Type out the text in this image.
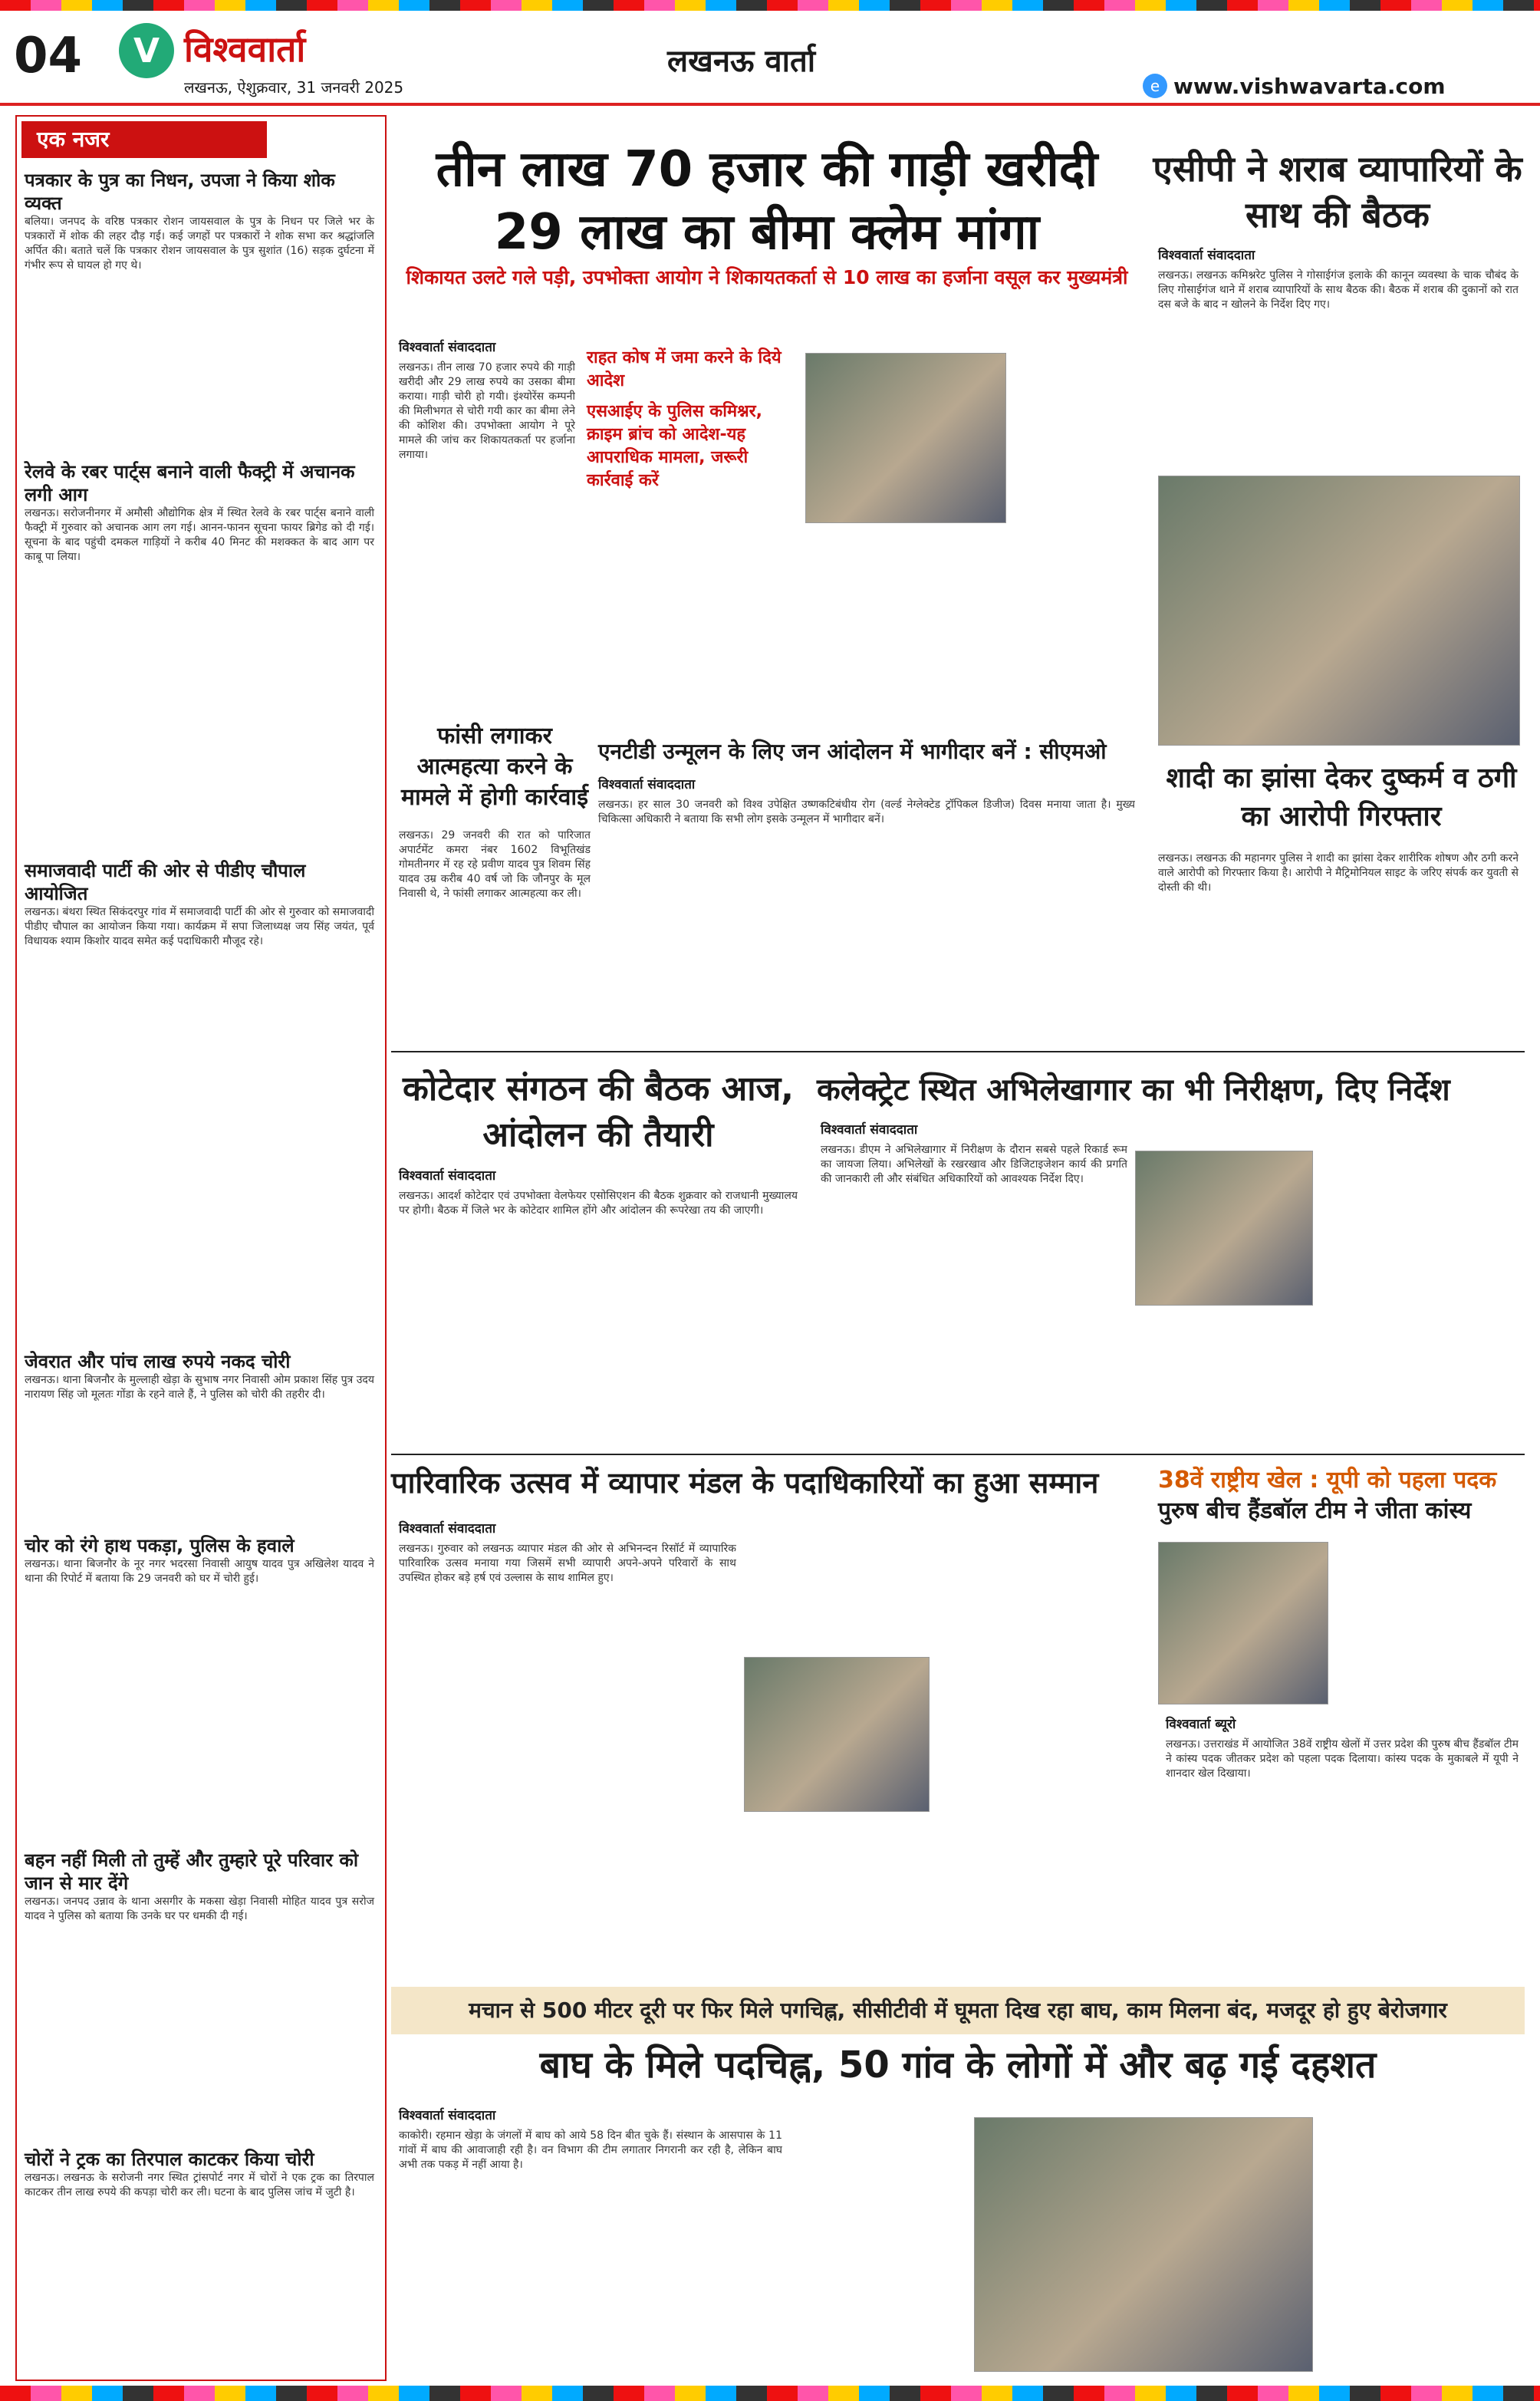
04	V विश्ववार्ता
लखनऊ, ऐशुक्रवार, 31 जनवरी 2025
लखनऊ वार्ता
e www.vishwavarta.com
एक नजर
पत्रकार के पुत्र का निधन, उपजा ने किया शोक व्यक्त
बलिया। जनपद के वरिष्ठ पत्रकार रोशन जायसवाल के पुत्र के निधन पर जिले भर के पत्रकारों में शोक की लहर दौड़ गई। कई जगहों पर पत्रकारों ने शोक सभा कर श्रद्धांजलि अर्पित की। बताते चलें कि पत्रकार रोशन जायसवाल के पुत्र सुशांत (16) सड़क दुर्घटना में गंभीर रूप से घायल हो गए थे।
रेलवे के रबर पार्ट्स बनाने वाली फैक्ट्री में अचानक लगी आग
लखनऊ। सरोजनीनगर में अमौसी औद्योगिक क्षेत्र में स्थित रेलवे के रबर पार्ट्स बनाने वाली फैक्ट्री में गुरुवार को अचानक आग लग गई। आनन-फानन सूचना फायर ब्रिगेड को दी गई। सूचना के बाद पहुंची दमकल गाड़ियों ने करीब 40 मिनट की मशक्कत के बाद आग पर काबू पा लिया।
समाजवादी पार्टी की ओर से पीडीए चौपाल आयोजित
लखनऊ। बंथरा स्थित सिकंदरपुर गांव में समाजवादी पार्टी की ओर से गुरुवार को समाजवादी पीडीए चौपाल का आयोजन किया गया। कार्यक्रम में सपा जिलाध्यक्ष जय सिंह जयंत, पूर्व विधायक श्याम किशोर यादव समेत कई पदाधिकारी मौजूद रहे।
जेवरात और पांच लाख रुपये नकद चोरी
लखनऊ। थाना बिजनौर के मुल्लाही खेड़ा के सुभाष नगर निवासी ओम प्रकाश सिंह पुत्र उदय नारायण सिंह जो मूलतः गोंडा के रहने वाले हैं, ने पुलिस को चोरी की तहरीर दी।
चोर को रंगे हाथ पकड़ा, पुलिस के हवाले
लखनऊ। थाना बिजनौर के नूर नगर भदरसा निवासी आयुष यादव पुत्र अखिलेश यादव ने थाना की रिपोर्ट में बताया कि 29 जनवरी को घर में चोरी हुई।
बहन नहीं मिली तो तुम्हें और तुम्हारे पूरे परिवार को जान से मार देंगे
लखनऊ। जनपद उन्नाव के थाना असगीर के मकसा खेड़ा निवासी मोहित यादव पुत्र सरोज यादव ने पुलिस को बताया कि उनके घर पर धमकी दी गई।
चोरों ने ट्रक का तिरपाल काटकर किया चोरी
लखनऊ। लखनऊ के सरोजनी नगर स्थित ट्रांसपोर्ट नगर में चोरों ने एक ट्रक का तिरपाल काटकर तीन लाख रुपये की कपड़ा चोरी कर ली। घटना के बाद पुलिस जांच में जुटी है।
तीन लाख 70 हजार की गाड़ी खरीदी
29 लाख का बीमा क्लेम मांगा
शिकायत उलटे गले पड़ी, उपभोक्ता आयोग ने शिकायतकर्ता से 10 लाख का हर्जाना वसूल कर मुख्यमंत्री
विश्ववार्ता संवाददाता
लखनऊ। तीन लाख 70 हजार रुपये की गाड़ी खरीदी और 29 लाख रुपये का उसका बीमा कराया। गाड़ी चोरी हो गयी। इंश्योरेंस कम्पनी की मिलीभगत से चोरी गयी कार का बीमा लेने की कोशिश की। उपभोक्ता आयोग ने पूरे मामले की जांच कर शिकायतकर्ता पर हर्जाना लगाया।
राहत कोष में जमा करने के दिये आदेश
एसआईए के पुलिस कमिश्नर, क्राइम ब्रांच को आदेश-यह आपराधिक मामला, जरूरी कार्रवाई करें
एसीपी ने शराब व्यापारियों के साथ की बैठक
विश्ववार्ता संवाददाता
लखनऊ। लखनऊ कमिश्नरेट पुलिस ने गोसाईगंज इलाके की कानून व्यवस्था के चाक चौबंद के लिए गोसाईगंज थाने में शराब व्यापारियों के साथ बैठक की। बैठक में शराब की दुकानों को रात दस बजे के बाद न खोलने के निर्देश दिए गए।
फांसी लगाकर आत्महत्या करने के मामले में होगी कार्रवाई
लखनऊ। 29 जनवरी की रात को पारिजात अपार्टमेंट कमरा नंबर 1602 विभूतिखंड गोमतीनगर में रह रहे प्रवीण यादव पुत्र शिवम सिंह यादव उम्र करीब 40 वर्ष जो कि जौनपुर के मूल निवासी थे, ने फांसी लगाकर आत्महत्या कर ली।
एनटीडी उन्मूलन के लिए जन आंदोलन में भागीदार बनें : सीएमओ
विश्ववार्ता संवाददाता
लखनऊ। हर साल 30 जनवरी को विश्व उपेक्षित उष्णकटिबंधीय रोग (वर्ल्ड नेग्लेक्टेड ट्रॉपिकल डिजीज) दिवस मनाया जाता है। मुख्य चिकित्सा अधिकारी ने बताया कि सभी लोग इसके उन्मूलन में भागीदार बनें।
शादी का झांसा देकर दुष्कर्म व ठगी का आरोपी गिरफ्तार
लखनऊ। लखनऊ की महानगर पुलिस ने शादी का झांसा देकर शारीरिक शोषण और ठगी करने वाले आरोपी को गिरफ्तार किया है। आरोपी ने मैट्रिमोनियल साइट के जरिए संपर्क कर युवती से दोस्ती की थी।
कोटेदार संगठन की बैठक आज, आंदोलन की तैयारी
विश्ववार्ता संवाददाता
लखनऊ। आदर्श कोटेदार एवं उपभोक्ता वेलफेयर एसोसिएशन की बैठक शुक्रवार को राजधानी मुख्यालय पर होगी। बैठक में जिले भर के कोटेदार शामिल होंगे और आंदोलन की रूपरेखा तय की जाएगी।
कलेक्ट्रेट स्थित अभिलेखागार का भी निरीक्षण, दिए निर्देश
विश्ववार्ता संवाददाता
लखनऊ। डीएम ने अभिलेखागार में निरीक्षण के दौरान सबसे पहले रिकार्ड रूम का जायजा लिया। अभिलेखों के रखरखाव और डिजिटाइजेशन कार्य की प्रगति की जानकारी ली और संबंधित अधिकारियों को आवश्यक निर्देश दिए।
पारिवारिक उत्सव में व्यापार मंडल के पदाधिकारियों का हुआ सम्मान
विश्ववार्ता संवाददाता
लखनऊ। गुरुवार को लखनऊ व्यापार मंडल की ओर से अभिनन्दन रिसॉर्ट में व्यापारिक पारिवारिक उत्सव मनाया गया जिसमें सभी व्यापारी अपने-अपने परिवारों के साथ उपस्थित होकर बड़े हर्ष एवं उल्लास के साथ शामिल हुए।
38वें राष्ट्रीय खेल : यूपी को पहला पदक
पुरुष बीच हैंडबॉल टीम ने जीता कांस्य
विश्ववार्ता ब्यूरो
लखनऊ। उत्तराखंड में आयोजित 38वें राष्ट्रीय खेलों में उत्तर प्रदेश की पुरुष बीच हैंडबॉल टीम ने कांस्य पदक जीतकर प्रदेश को पहला पदक दिलाया। कांस्य पदक के मुकाबले में यूपी ने शानदार खेल दिखाया।
मचान से 500 मीटर दूरी पर फिर मिले पगचिह्न, सीसीटीवी में घूमता दिख रहा बाघ, काम मिलना बंद, मजदूर हो हुए बेरोजगार
बाघ के मिले पदचिह्न, 50 गांव के लोगों में और बढ़ गई दहशत
विश्ववार्ता संवाददाता
काकोरी। रहमान खेड़ा के जंगलों में बाघ को आये 58 दिन बीत चुके हैं। संस्थान के आसपास के 11 गांवों में बाघ की आवाजाही रही है। वन विभाग की टीम लगातार निगरानी कर रही है, लेकिन बाघ अभी तक पकड़ में नहीं आया है।
